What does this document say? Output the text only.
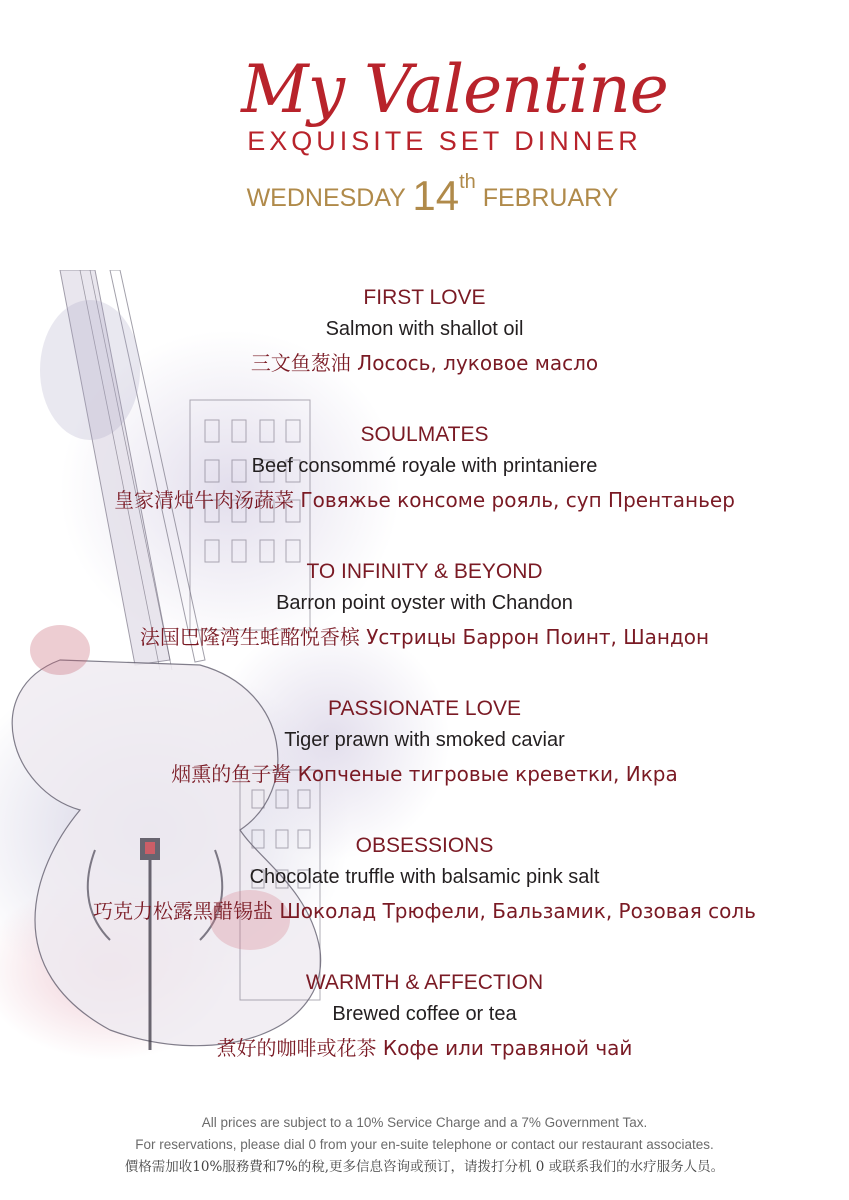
My Valentine
EXQUISITE SET DINNER
WEDNESDAY 14th FEBRUARY
FIRST LOVE
Salmon with shallot oil
三文鱼葱油 Лосось, луковое масло
SOULMATES
Beef consommé royale with printaniere
皇家清炖牛肉汤蔬菜 Говяжье консоме рояль, суп Прентаньер
TO INFINITY & BEYOND
Barron point oyster with Chandon
法国巴隆湾生蚝酩悦香槟 Устрицы Баррон Поинт, Шандон
PASSIONATE LOVE
Tiger prawn with smoked caviar
烟熏的鱼子酱 Копченые тигровые креветки, Икра
OBSESSIONS
Chocolate truffle with balsamic pink salt
巧克力松露黑醋锡盐 Шоколад Трюфели, Бальзамик, Розовая соль
WARMTH & AFFECTION
Brewed coffee or tea
煮好的咖啡或花茶 Кофе или травяной чай
All prices are subject to a 10% Service Charge and a 7% Government Tax.
For reservations, please dial 0 from your en-suite telephone or contact our restaurant associates.
價格需加收10%服務費和7%的稅,更多信息咨询或预订，请拨打分机 0 或联系我们的水疗服务人员。
